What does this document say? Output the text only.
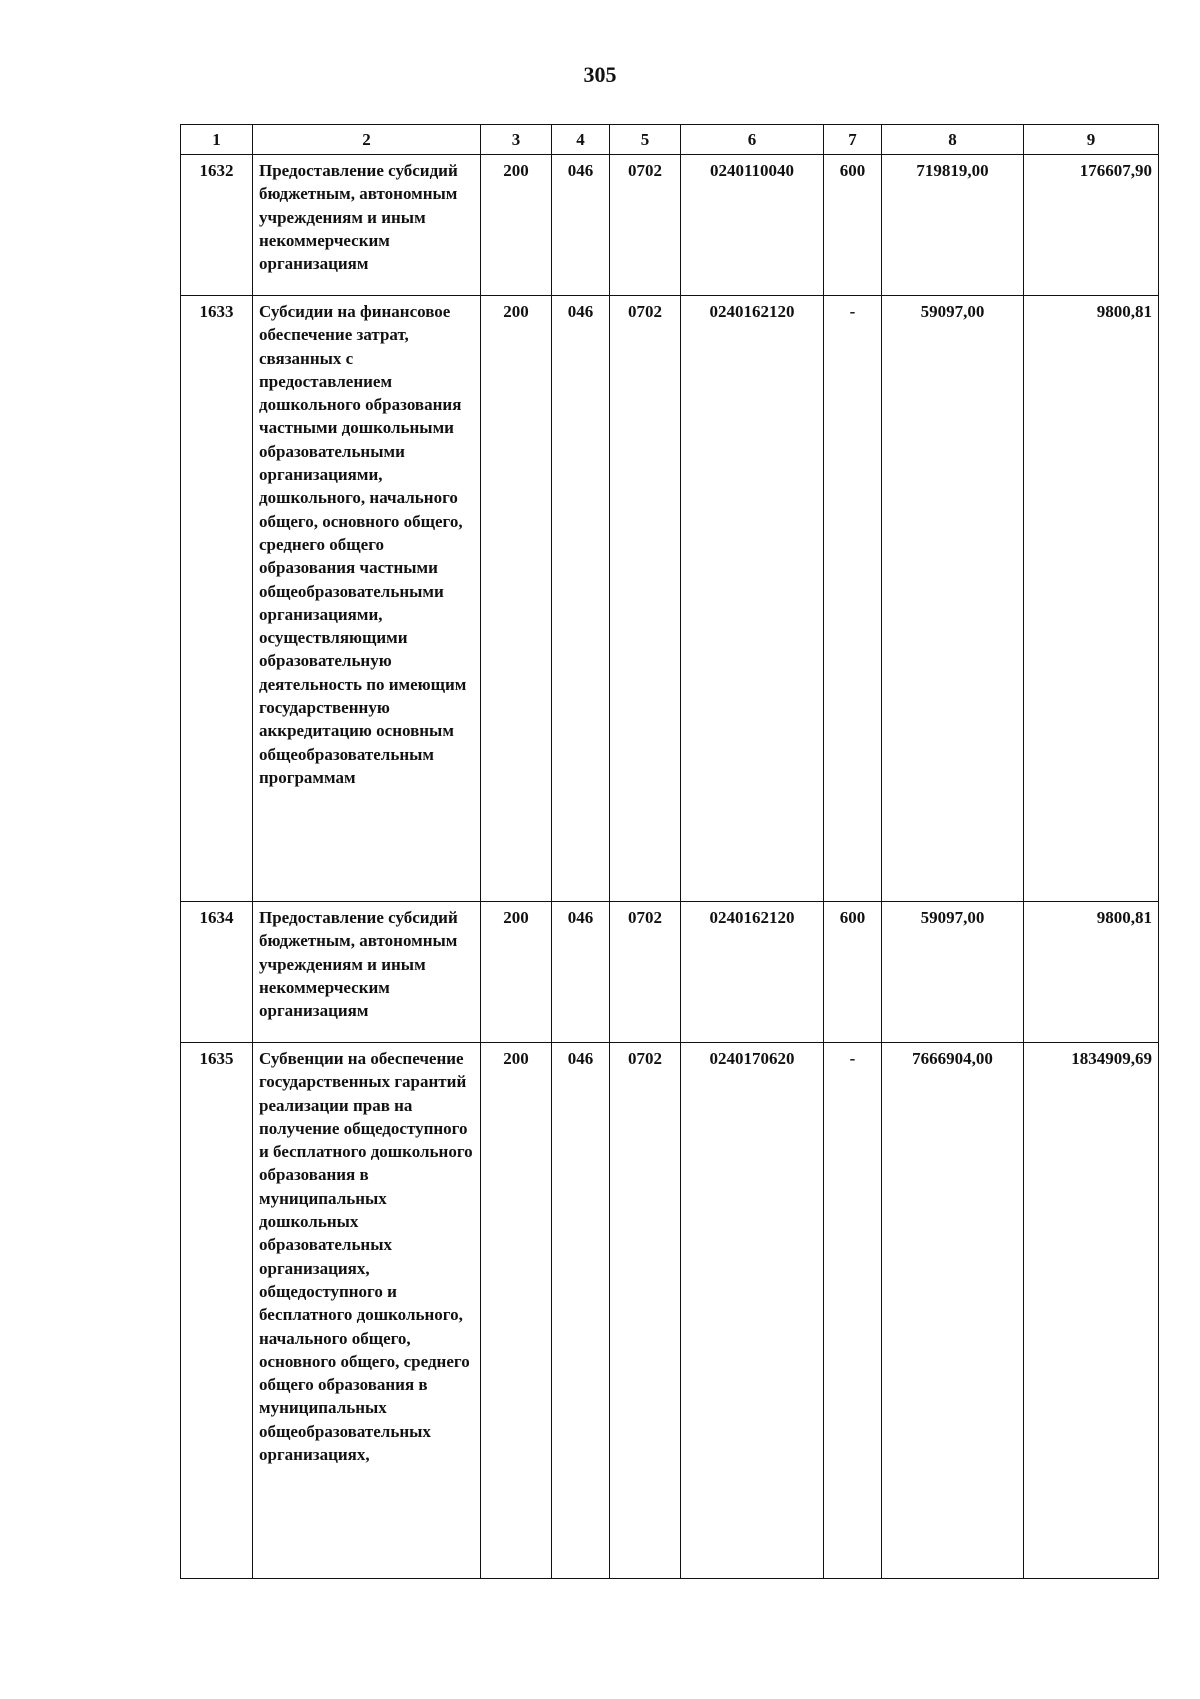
305
1	2	3	4	5	6	7	8	9
1632	Предоставление субсидий бюджетным, автономным учреждениям и иным некоммерческим организациям	200	046	0702	0240110040	600	719819,00	176607,90
1633	Субсидии на финансовое обеспечение затрат, связанных с предоставлением дошкольного образования частными дошкольными образовательными организациями, дошкольного, начального общего, основного общего, среднего общего образования частными общеобразовательными организациями, осуществляющими образовательную деятельность по имеющим государственную аккредитацию основным общеобразовательным программам	200	046	0702	0240162120	-	59097,00	9800,81
1634	Предоставление субсидий бюджетным, автономным учреждениям и иным некоммерческим организациям	200	046	0702	0240162120	600	59097,00	9800,81
1635	Субвенции на обеспечение государственных гарантий реализации прав на получение общедоступного и бесплатного дошкольного образования в муниципальных дошкольных образовательных организациях, общедоступного и бесплатного дошкольного, начального общего, основного общего, среднего общего образования в муниципальных общеобразовательных организациях,	200	046	0702	0240170620	-	7666904,00	1834909,69
